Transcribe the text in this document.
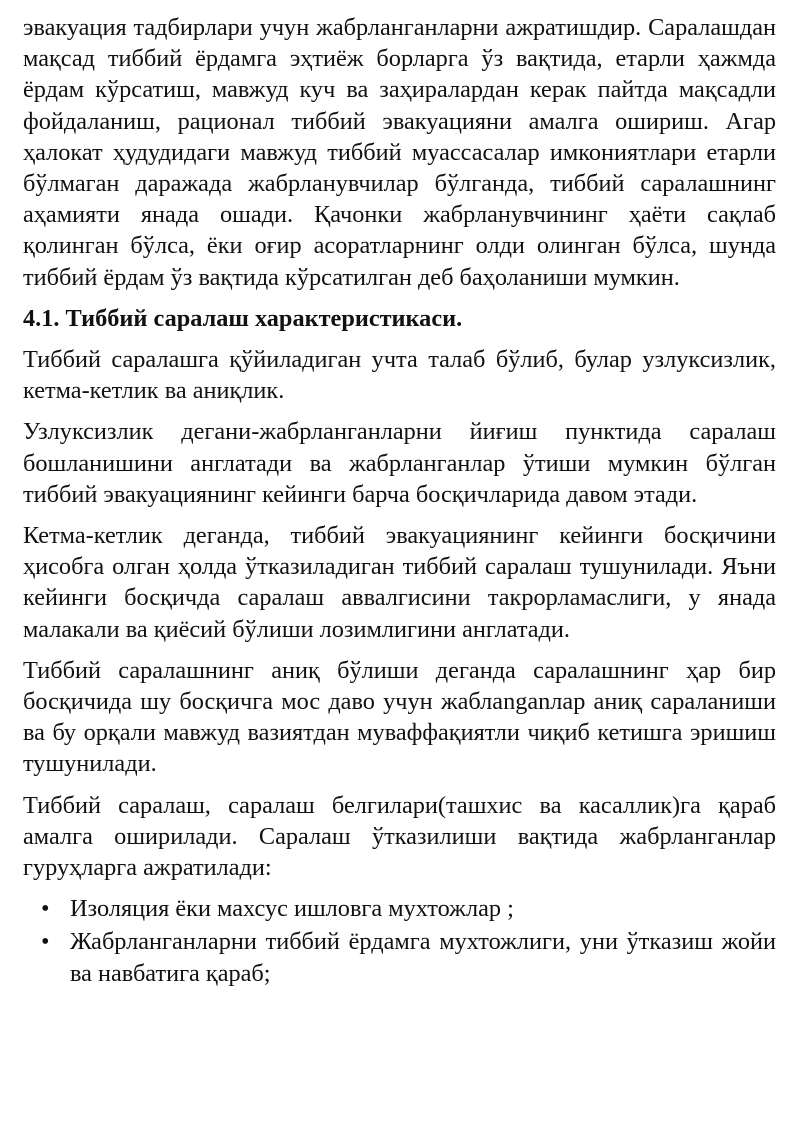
эвакуация тадбирлари учун жабрланганларни ажратишдир. Саралашдан мақсад тиббий ёрдамга эҳтиёж борларга ўз вақтида, етарли ҳажмда ёрдам кўрсатиш, мавжуд куч ва заҳиралардан керак пайтда мақсадли фойдаланиш, рационал тиббий эвакуацияни амалга ошириш. Агар ҳалокат ҳудудидаги мавжуд тиббий муассасалар имкониятлари етарли бўлмаган даражада жабрланувчилар бўлганда, тиббий саралашнинг аҳамияти янада ошади. Қачонки жабрланувчининг ҳаёти сақлаб қолинган бўлса, ёки оғир асоратларнинг олди олинган бўлса, шунда тиббий ёрдам ўз вақтида кўрсатилган деб баҳоланиши мумкин.

4.1. Тиббий саралаш характеристикаси.

Тиббий саралашга қўйиладиган учта талаб бўлиб, булар узлуксизлик, кетма-кетлик ва аниқлик.

Узлуксизлик дегани-жабрланганларни йиғиш пунктида саралаш бошланишини англатади ва жабрланганлар ўтиши мумкин бўлган тиббий эвакуациянинг кейинги барча босқичларида давом этади.

Кетма-кетлик деганда, тиббий эвакуациянинг кейинги босқичини ҳисобга олган ҳолда ўтказиладиган тиббий саралаш тушунилади. Яъни кейинги босқичда саралаш аввалгисини такрорламаслиги, у янада малакали ва қиёсий бўлиши лозимлигини англатади.

Тиббий саралашнинг аниқ бўлиши деганда саралашнинг ҳар бир босқичида шу босқичга мос даво учун жаблanganлар аниқ сараланиши ва бу орқали мавжуд вазиятдан муваффақиятли чиқиб кетишга эришиш тушунилади.

Тиббий саралаш, саралаш белгилари(ташхис ва касаллик)га қараб амалга оширилади. Саралаш ўтказилиши вақтида жабрланганлар гуруҳларга ажратилади:

• Изоляция ёки махсус ишловга мухтожлар ;
• Жабрланганларни тиббий ёрдамга мухтожлиги, уни ўтказиш жойи ва навбатига қараб;
